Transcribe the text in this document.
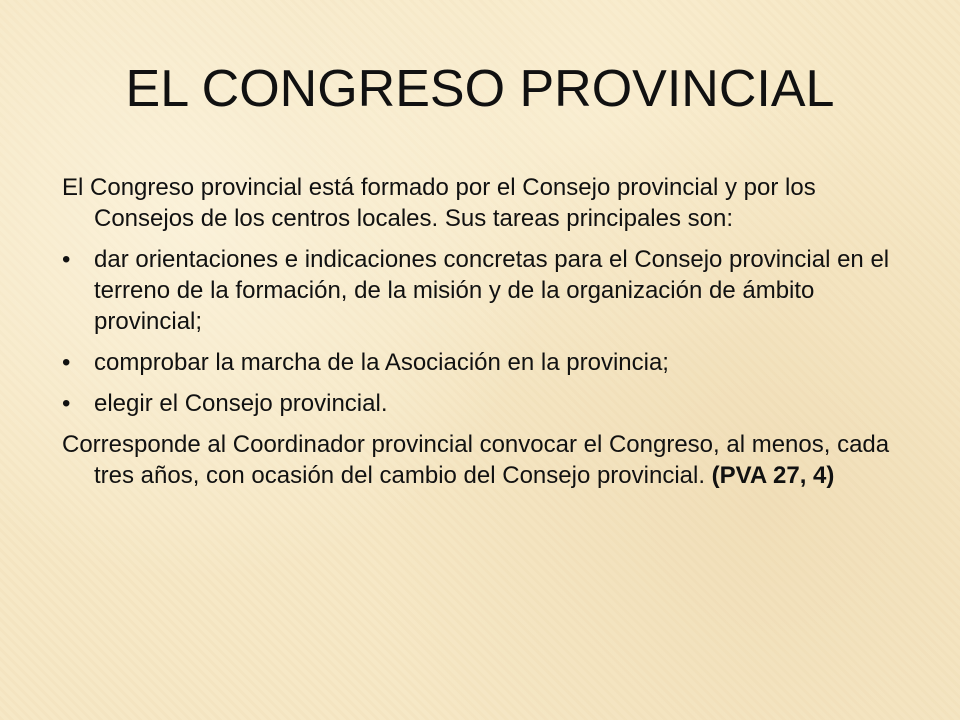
EL CONGRESO PROVINCIAL

El Congreso provincial está formado por el Consejo provincial y por los Consejos de los centros locales. Sus tareas principales son:

• dar orientaciones e indicaciones concretas para el Consejo provincial en el terreno de la formación, de la misión y de la organización de ámbito provincial;
• comprobar la marcha de la Asociación en la provincia;
• elegir el Consejo provincial.

Corresponde al Coordinador provincial convocar el Congreso, al menos, cada tres años, con ocasión del cambio del Consejo provincial. (PVA 27, 4)
